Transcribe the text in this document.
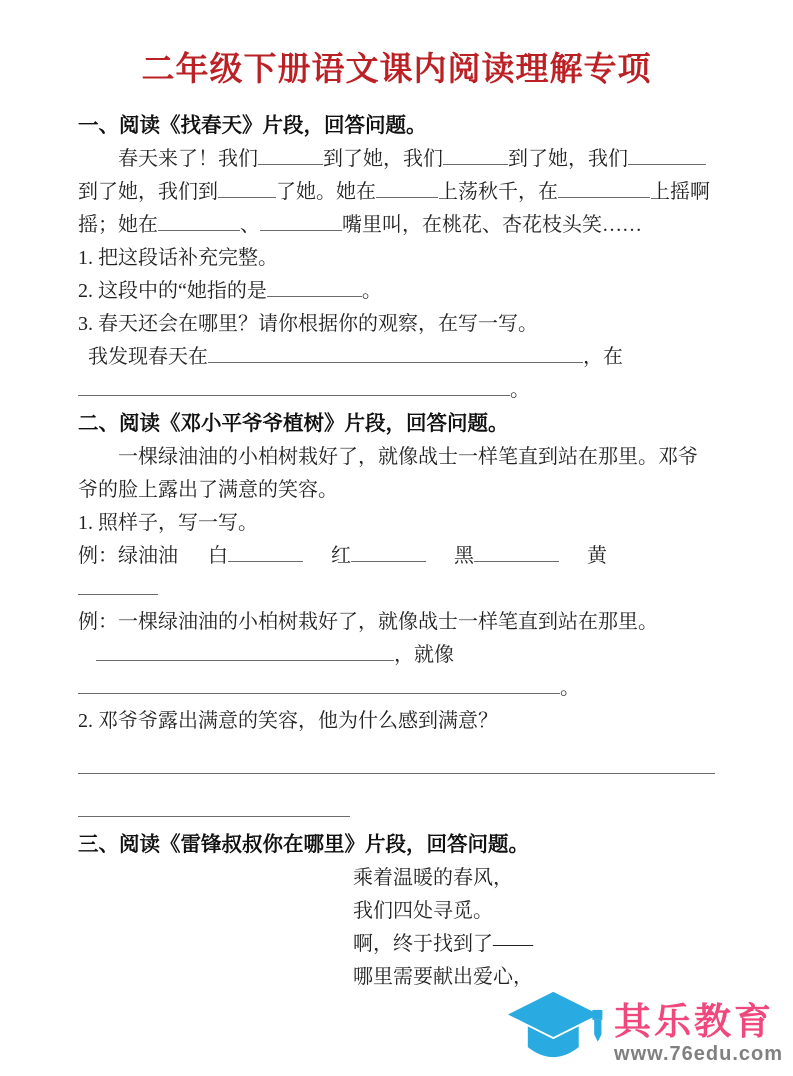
二年级下册语文课内阅读理解专项
一、阅读《找春天》片段，回答问题。

春天来了！我们	到了她，我们	到了她，我们到了她，我们到	了她。她在	上荡秋千，在	上摇啊摇；她在	、	嘴里叫，在桃花、杏花枝头笑……

1. 把这段话补充完整。

2. 这段中的“她指的是	。

3. 春天还会在哪里？请你根据你的观察，在写一写。

我发现春天在	，在

。

二、阅读《邓小平爷爷植树》片段，回答问题。

一棵绿油油的小柏树栽好了，就像战士一样笔直到站在那里。邓爷爷的脸上露出了满意的笑容。

1. 照样子，写一写。

例：绿油油 白	红	黑	黄

例：一棵绿油油的小柏树栽好了，就像战士一样笔直到站在那里。

，就像

。

2. 邓爷爷露出满意的笑容，他为什么感到满意？

三、阅读《雷锋叔叔你在哪里》片段，回答问题。
乘着温暖的春风，
我们四处寻觅。
啊，终于找到了——
哪里需要献出爱心，
其乐教育
www.76edu.com
